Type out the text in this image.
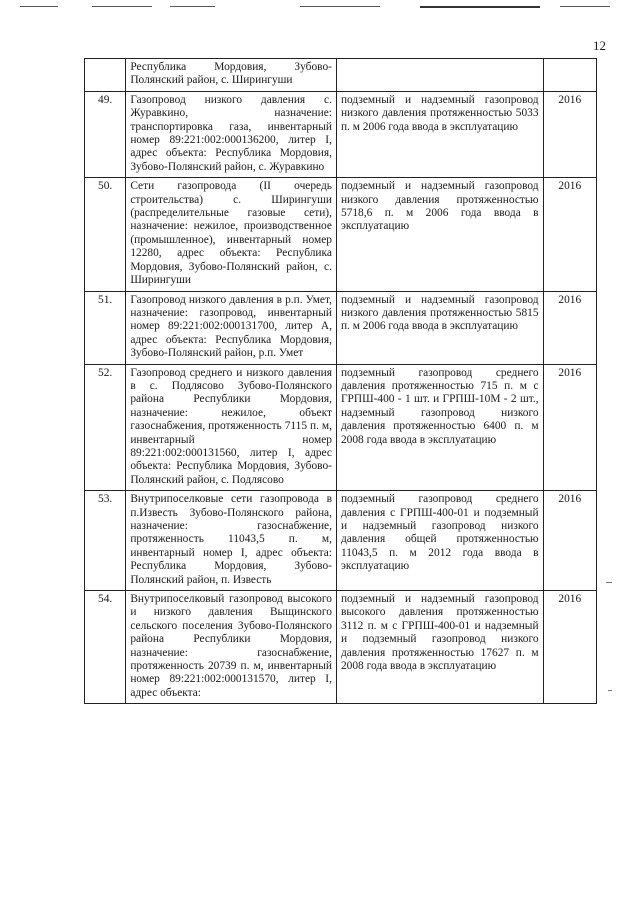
12
	Республика Мордовия, Зубово-Полянский район, с. Ширингуши		
49.	Газопровод низкого давления с. Журавкино, назначение: транспортировка газа, инвентарный номер 89:221:002:000136200, литер I, адрес объекта: Республика Мордовия, Зубово-Полянский район, с. Журавкино	подземный и надземный газопровод низкого давления протяженностью 5033 п. м 2006 года ввода в эксплуатацию	2016
50.	Сети газопровода (II очередь строительства) с. Ширингуши (распределительные газовые сети), назначение: нежилое, производственное (промышленное), инвентарный номер 12280, адрес объекта: Республика Мордовия, Зубово-Полянский район, с. Ширингуши	подземный и надземный газопровод низкого давления протяженностью 5718,6 п. м 2006 года ввода в эксплуатацию	2016
51.	Газопровод низкого давления в р.п. Умет, назначение: газопровод, инвентарный номер 89:221:002:000131700, литер А, адрес объекта: Республика Мордовия, Зубово-Полянский район, р.п. Умет	подземный и надземный газопровод низкого давления протяженностью 5815 п. м 2006 года ввода в эксплуатацию	2016
52.	Газопровод среднего и низкого давления в с. Подлясово Зубово-Полянского района Республики Мордовия, назначение: нежилое, объект газоснабжения, протяженность 7115 п. м, инвентарный номер 89:221:002:000131560, литер I, адрес объекта: Республика Мордовия, Зубово-Полянский район, с. Подлясово	подземный газопровод среднего давления протяженностью 715 п. м с ГРПШ-400 - 1 шт. и ГРПШ-10М - 2 шт., надземный газопровод низкого давления протяженностью 6400 п. м 2008 года ввода в эксплуатацию	2016
53.	Внутрипоселковые сети газопровода в п.Известь Зубово-Полянского района, назначение: газоснабжение, протяженность 11043,5 п. м, инвентарный номер I, адрес объекта: Республика Мордовия, Зубово-Полянский район, п. Известь	подземный газопровод среднего давления с ГРПШ-400-01 и подземный и надземный газопровод низкого давления общей протяженностью 11043,5 п. м 2012 года ввода в эксплуатацию	2016
54.	Внутрипоселковый газопровод высокого и низкого давления Выщинского сельского поселения Зубово-Полянского района Республики Мордовия, назначение: газоснабжение, протяженность 20739 п. м, инвентарный номер 89:221:002:000131570, литер I, адрес объекта:	подземный и надземный газопровод высокого давления протяженностью 3112 п. м с ГРПШ-400-01 и надземный и подземный газопровод низкого давления протяженностью 17627 п. м 2008 года ввода в эксплуатацию	2016
